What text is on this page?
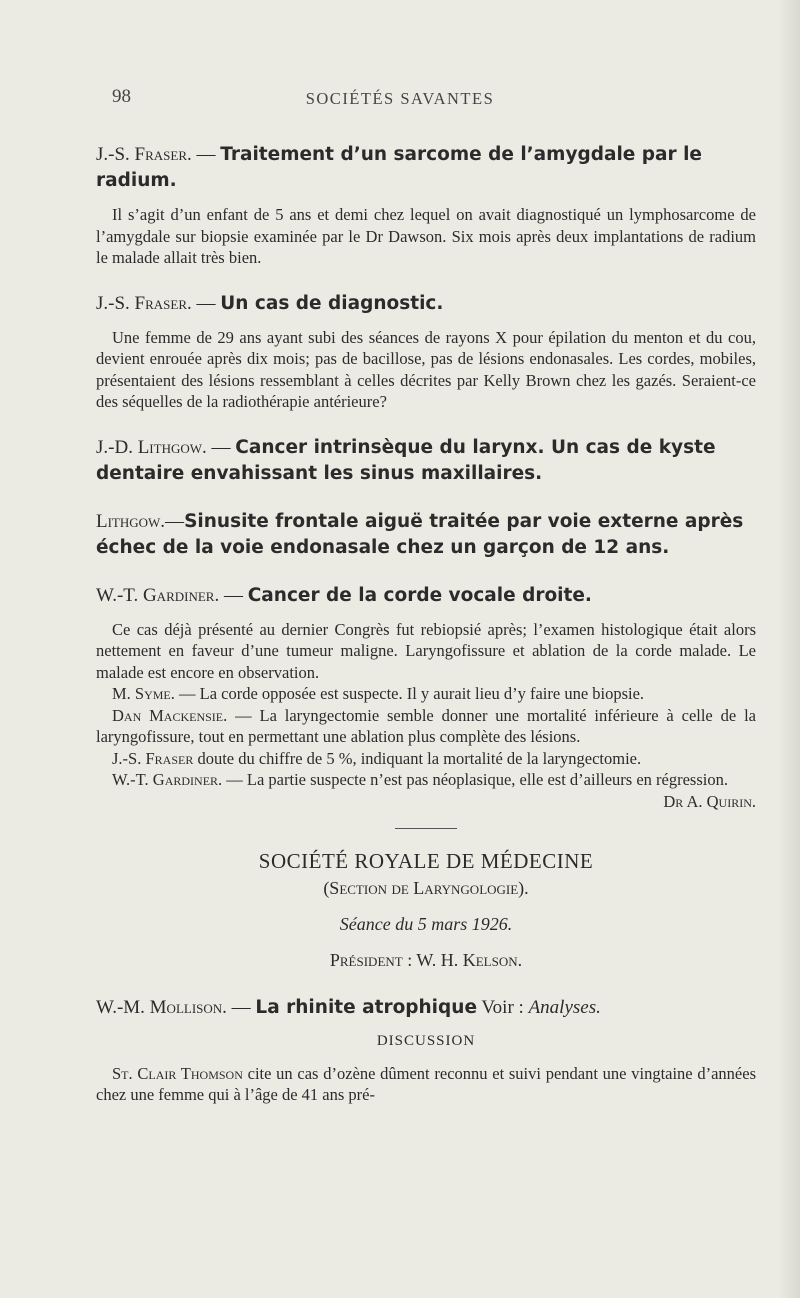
98	SOCIÉTÉS SAVANTES

J.-S. Fraser. — Traitement d’un sarcome de l’amygdale par le radium.

Il s’agit d’un enfant de 5 ans et demi chez lequel on avait diagnostiqué un lymphosarcome de l’amygdale sur biopsie examinée par le Dr Dawson. Six mois après deux implantations de radium le malade allait très bien.

J.-S. Fraser. — Un cas de diagnostic.

Une femme de 29 ans ayant subi des séances de rayons X pour épilation du menton et du cou, devient enrouée après dix mois; pas de bacillose, pas de lésions endonasales. Les cordes, mobiles, présentaient des lésions ressemblant à celles décrites par Kelly Brown chez les gazés. Seraient-ce des séquelles de la radiothérapie antérieure?

J.-D. Lithgow. — Cancer intrinsèque du larynx. Un cas de kyste dentaire envahissant les sinus maxillaires.

Lithgow.—Sinusite frontale aiguë traitée par voie externe après échec de la voie endonasale chez un garçon de 12 ans.

W.-T. Gardiner. — Cancer de la corde vocale droite.

Ce cas déjà présenté au dernier Congrès fut rebiopsié après; l’examen histologique était alors nettement en faveur d’une tumeur maligne. Laryngofissure et ablation de la corde malade. Le malade est encore en observation.

M. Syme. — La corde opposée est suspecte. Il y aurait lieu d’y faire une biopsie.

Dan Mackensie. — La laryngectomie semble donner une mortalité inférieure à celle de la laryngofissure, tout en permettant une ablation plus complète des lésions.

J.-S. Fraser doute du chiffre de 5 %, indiquant la mortalité de la laryngectomie.

W.-T. Gardiner. — La partie suspecte n’est pas néoplasique, elle est d’ailleurs en régression.
Dr A. Quirin.

SOCIÉTÉ ROYALE DE MÉDECINE

(Section de Laryngologie).

Séance du 5 mars 1926.

Président : W. H. Kelson.

W.-M. Mollison. — La rhinite atrophique Voir : Analyses.

DISCUSSION

St. Clair Thomson cite un cas d’ozène dûment reconnu et suivi pendant une vingtaine d’années chez une femme qui à l’âge de 41 ans pré-
